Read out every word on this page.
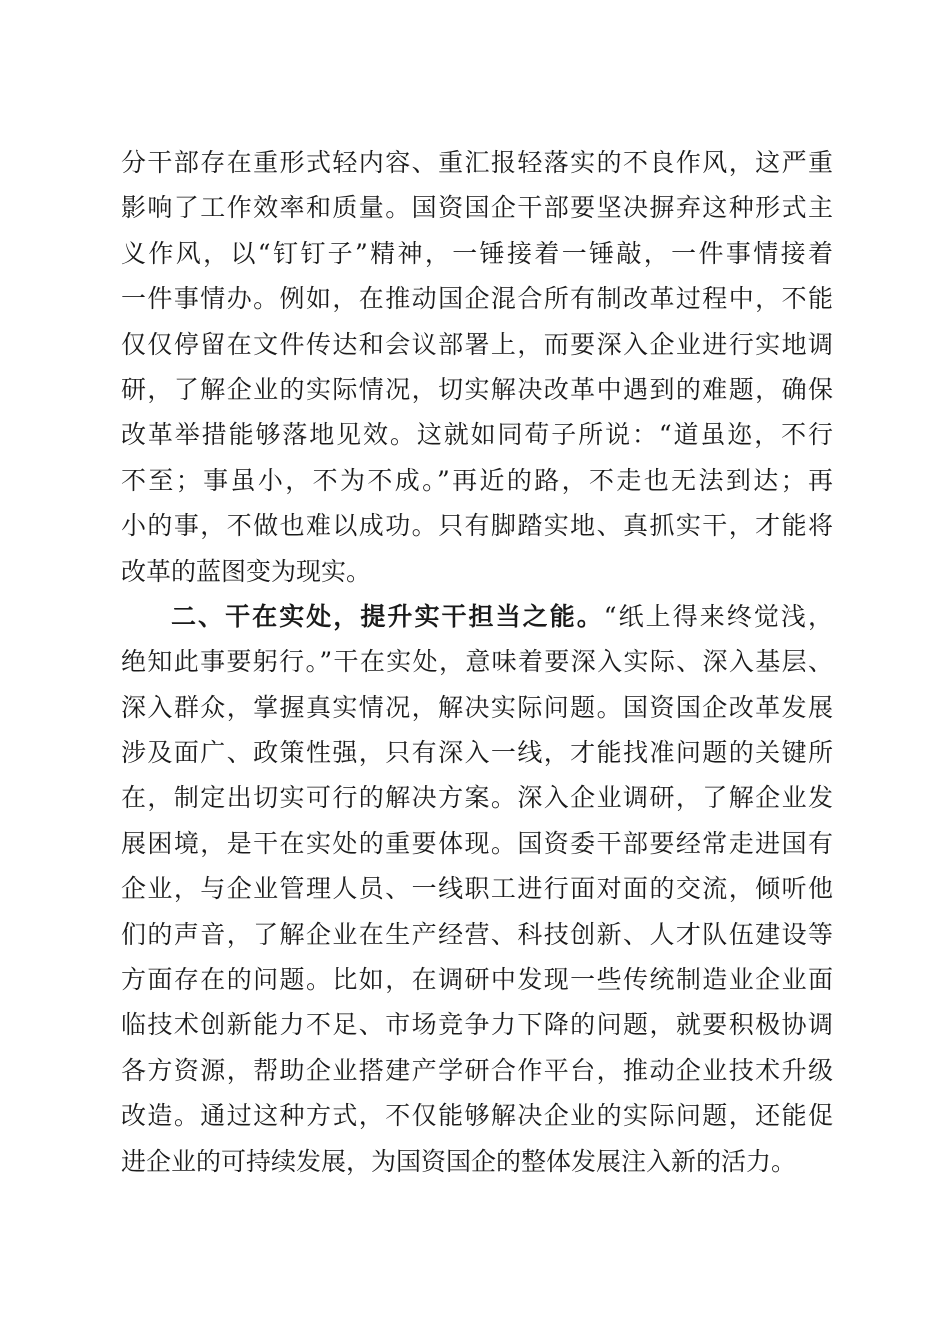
分干部存在重形式轻内容、重汇报轻落实的不良作风，这严重
影响了工作效率和质量。国资国企干部要坚决摒弃这种形式主
义作风，以“钉钉子”精神，一锤接着一锤敲，一件事情接着
一件事情办。例如，在推动国企混合所有制改革过程中，不能
仅仅停留在文件传达和会议部署上，而要深入企业进行实地调
研，了解企业的实际情况，切实解决改革中遇到的难题，确保
改革举措能够落地见效。这就如同荀子所说：“道虽迩，不行
不至；事虽小，不为不成。”再近的路，不走也无法到达；再
小的事，不做也难以成功。只有脚踏实地、真抓实干，才能将
改革的蓝图变为现实。
二、干在实处，提升实干担当之能。“纸上得来终觉浅，
绝知此事要躬行。”干在实处，意味着要深入实际、深入基层、
深入群众，掌握真实情况，解决实际问题。国资国企改革发展
涉及面广、政策性强，只有深入一线，才能找准问题的关键所
在，制定出切实可行的解决方案。深入企业调研，了解企业发
展困境，是干在实处的重要体现。国资委干部要经常走进国有
企业，与企业管理人员、一线职工进行面对面的交流，倾听他
们的声音，了解企业在生产经营、科技创新、人才队伍建设等
方面存在的问题。比如，在调研中发现一些传统制造业企业面
临技术创新能力不足、市场竞争力下降的问题，就要积极协调
各方资源，帮助企业搭建产学研合作平台，推动企业技术升级
改造。通过这种方式，不仅能够解决企业的实际问题，还能促
进企业的可持续发展，为国资国企的整体发展注入新的活力。
